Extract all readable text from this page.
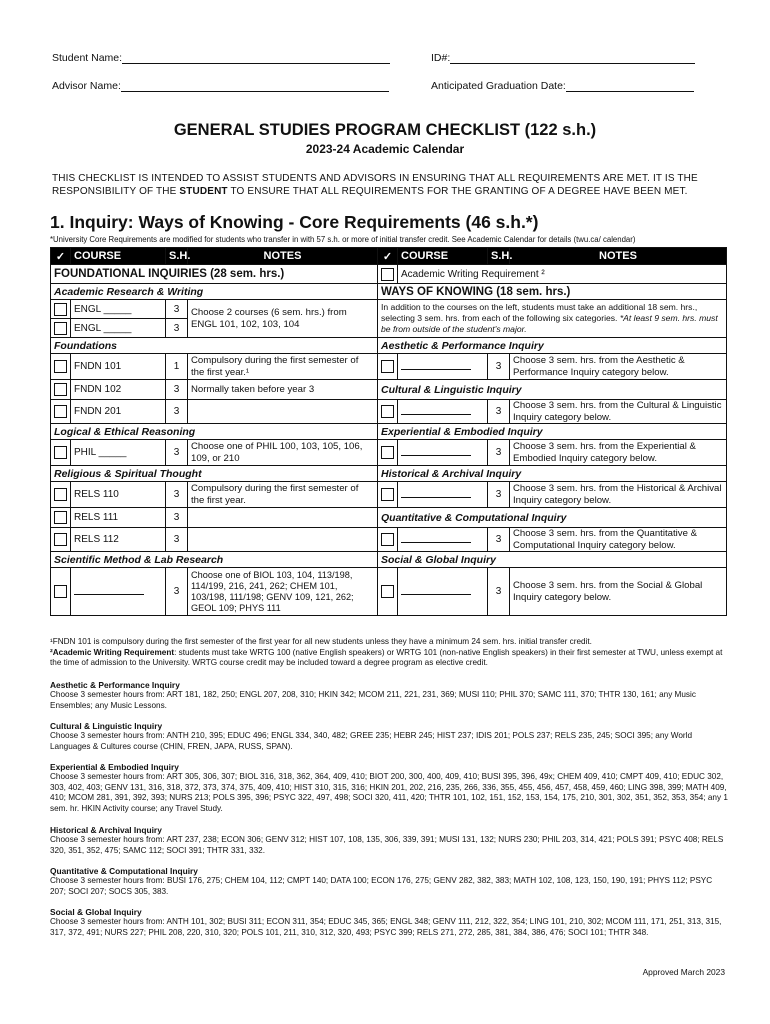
Student Name:	ID#:
Advisor Name:	Anticipated Graduation Date:
GENERAL STUDIES PROGRAM CHECKLIST (122 s.h.)
2023-24 Academic Calendar
THIS CHECKLIST IS INTENDED TO ASSIST STUDENTS AND ADVISORS IN ENSURING THAT ALL REQUIREMENTS ARE MET. IT IS THE RESPONSIBILITY OF THE STUDENT TO ENSURE THAT ALL REQUIREMENTS FOR THE GRANTING OF A DEGREE HAVE BEEN MET.
1. Inquiry: Ways of Knowing - Core Requirements (46 s.h.*)
*University Core Requirements are modified for students who transfer in with 57 s.h. or more of initial transfer credit. See Academic Calendar for details (twu.ca/ calendar)
✓	COURSE	S.H.	NOTES	✓	COURSE	S.H.	NOTES
FOUNDATIONAL INQUIRIES (28 sem. hrs.)					Academic Writing Requirement ²		
Academic Research & Writing				WAYS OF KNOWING (18 sem. hrs.)			
	ENGL _____	3	Choose 2 courses (6 sem. hrs.) from ENGL 101, 102, 103, 104	In addition to the courses on the left, students must take an additional 18 sem. hrs., selecting 3 sem. hrs. from each of the following six categories. *At least 9 sem. hrs. must be from outside of the student's major.			
	ENGL _____	3					
Foundations				Aesthetic & Performance Inquiry			
	FNDN 101	1	Compulsory during the first semester of the first year.¹			3	Choose 3 sem. hrs. from the Aesthetic & Performance Inquiry category below.
	FNDN 102	3	Normally taken before year 3	Cultural & Linguistic Inquiry			
	FNDN 201	3				3	Choose 3 sem. hrs. from the Cultural & Linguistic Inquiry category below.
Logical & Ethical Reasoning				Experiential & Embodied Inquiry			
	PHIL _____	3	Choose one of PHIL 100, 103, 105, 106, 109, or 210			3	Choose 3 sem. hrs. from the Experiential & Embodied Inquiry category below.
Religious & Spiritual Thought				Historical & Archival Inquiry			
	RELS 110	3	Compulsory during the first semester of the first year.			3	Choose 3 sem. hrs. from the Historical & Archival Inquiry category below.
	RELS 111	3		Quantitative & Computational Inquiry			
	RELS 112	3				3	Choose 3 sem. hrs. from the Quantitative & Computational Inquiry category below.
Scientific Method & Lab Research				Social & Global Inquiry			
		3	Choose one of BIOL 103, 104, 113/198, 114/199, 216, 241, 262; CHEM 101, 103/198, 111/198; GENV 109, 121, 262; GEOL 109; PHYS 111			3	Choose 3 sem. hrs. from the Social & Global Inquiry category below.
¹FNDN 101 is compulsory during the first semester of the first year for all new students unless they have a minimum 24 sem. hrs. initial transfer credit.
²Academic Writing Requirement: students must take WRTG 100 (native English speakers) or WRTG 101 (non-native English speakers) in their first semester at TWU, unless exempt at the time of admission to the University. WRTG course credit may be included toward a degree program as elective credit.
Aesthetic & Performance Inquiry

Choose 3 semester hours from: ART 181, 182, 250; ENGL 207, 208, 310; HKIN 342; MCOM 211, 221, 231, 369; MUSI 110; PHIL 370; SAMC 111, 370; THTR 130, 161; any Music Ensembles; any Music Lessons.

Cultural & Linguistic Inquiry

Choose 3 semester hours from: ANTH 210, 395; EDUC 496; ENGL 334, 340, 482; GREE 235; HEBR 245; HIST 237; IDIS 201; POLS 237; RELS 235, 245; SOCI 395; any World Languages & Cultures course (CHIN, FREN, JAPA, RUSS, SPAN).

Experiential & Embodied Inquiry

Choose 3 semester hours from: ART 305, 306, 307; BIOL 316, 318, 362, 364, 409, 410; BIOT 200, 300, 400, 409, 410; BUSI 395, 396, 49x; CHEM 409, 410; CMPT 409, 410; EDUC 302, 303, 402, 403; GENV 131, 316, 318, 372, 373, 374, 375, 409, 410; HIST 310, 315, 316; HKIN 201, 202, 216, 235, 266, 336, 355, 455, 456, 457, 458, 459, 460; LING 398, 399; MATH 409, 410; MCOM 281, 391, 392, 393; NURS 213; POLS 395, 396; PSYC 322, 497, 498; SOCI 320, 411, 420; THTR 101, 102, 151, 152, 153, 154, 175, 210, 301, 302, 351, 352, 353, 354; any 1 sem. hr. HKIN Activity course; any Travel Study.

Historical & Archival Inquiry

Choose 3 semester hours from: ART 237, 238; ECON 306; GENV 312; HIST 107, 108, 135, 306, 339, 391; MUSI 131, 132; NURS 230; PHIL 203, 314, 421; POLS 391; PSYC 408; RELS 320, 351, 352, 475; SAMC 112; SOCI 391; THTR 331, 332.

Quantitative & Computational Inquiry

Choose 3 semester hours from: BUSI 176, 275; CHEM 104, 112; CMPT 140; DATA 100; ECON 176, 275; GENV 282, 382, 383; MATH 102, 108, 123, 150, 190, 191; PHYS 112; PSYC 207; SOCI 207; SOCS 305, 383.

Social & Global Inquiry

Choose 3 semester hours from: ANTH 101, 302; BUSI 311; ECON 311, 354; EDUC 345, 365; ENGL 348; GENV 111, 212, 322, 354; LING 101, 210, 302; MCOM 111, 171, 251, 313, 315, 317, 372, 491; NURS 227; PHIL 208, 220, 310, 320; POLS 101, 211, 310, 312, 320, 493; PSYC 399; RELS 271, 272, 285, 381, 384, 386, 476; SOCI 101; THTR 348.

Approved March 2023
